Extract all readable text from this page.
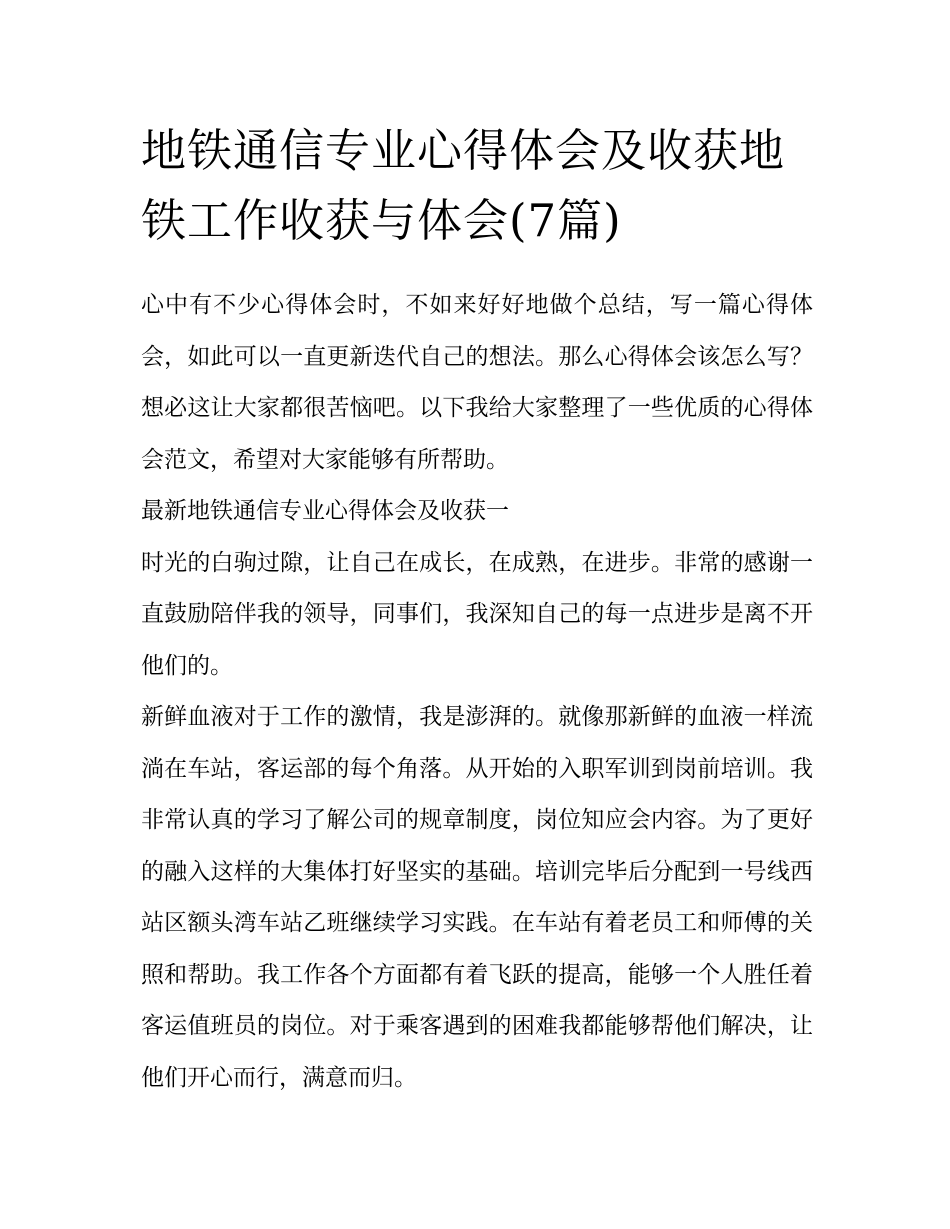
地铁通信专业心得体会及收获地铁工作收获与体会(7篇)

心中有不少心得体会时，不如来好好地做个总结，写一篇心得体会，如此可以一直更新迭代自己的想法。那么心得体会该怎么写？想必这让大家都很苦恼吧。以下我给大家整理了一些优质的心得体会范文，希望对大家能够有所帮助。

最新地铁通信专业心得体会及收获一

时光的白驹过隙，让自己在成长，在成熟，在进步。非常的感谢一直鼓励陪伴我的领导，同事们，我深知自己的每一点进步是离不开他们的。

新鲜血液对于工作的激情，我是澎湃的。就像那新鲜的血液一样流淌在车站，客运部的每个角落。从开始的入职军训到岗前培训。我非常认真的学习了解公司的规章制度，岗位知应会内容。为了更好的融入这样的大集体打好坚实的基础。培训完毕后分配到一号线西站区额头湾车站乙班继续学习实践。在车站有着老员工和师傅的关照和帮助。我工作各个方面都有着飞跃的提高，能够一个人胜任着客运值班员的岗位。对于乘客遇到的困难我都能够帮他们解决，让他们开心而行，满意而归。
